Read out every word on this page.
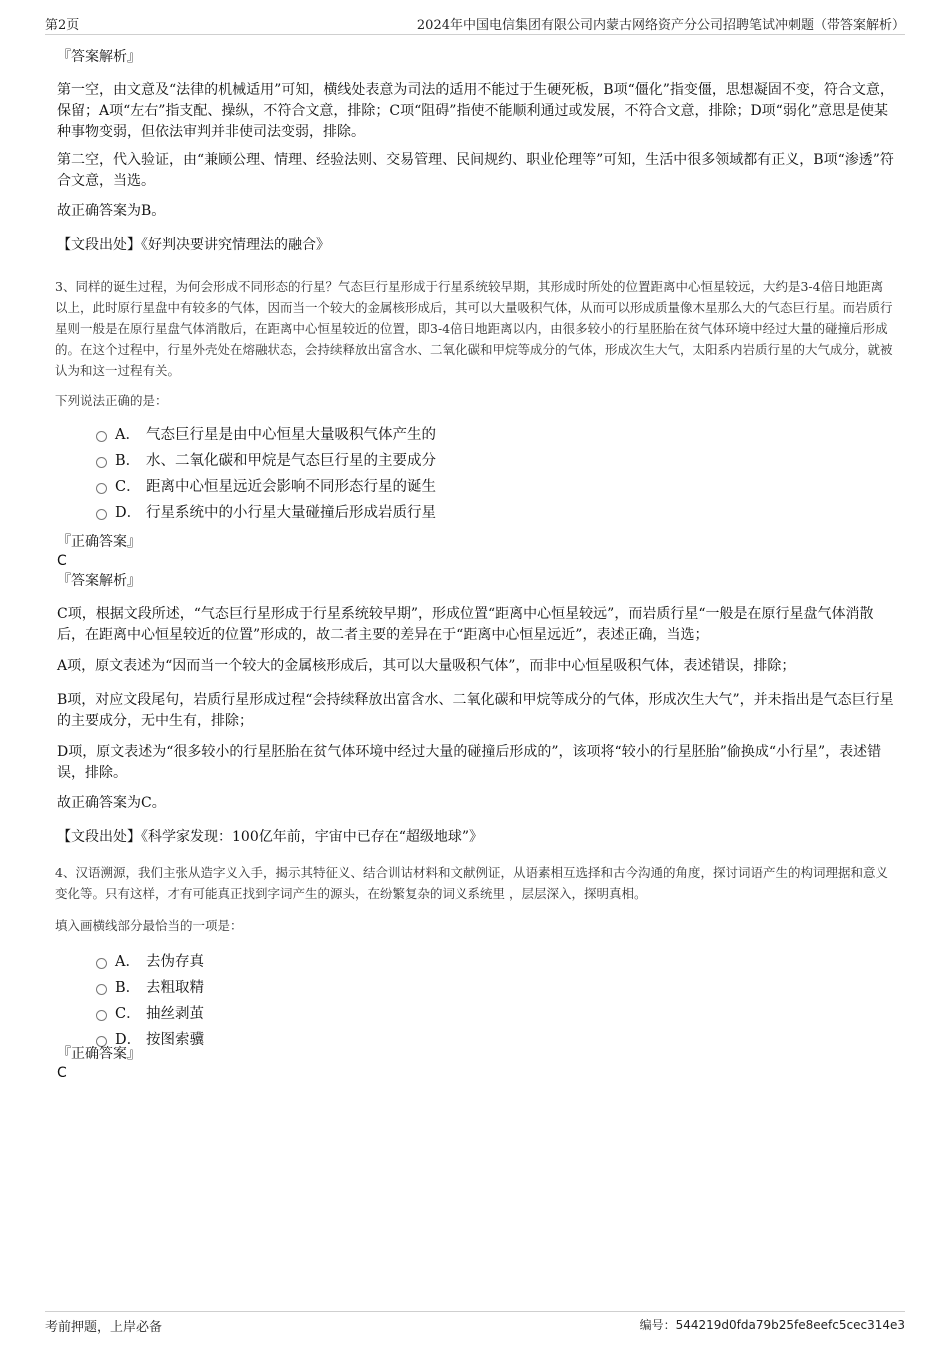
第2页	2024年中国电信集团有限公司内蒙古网络资产分公司招聘笔试冲刺题（带答案解析）
『答案解析』
第一空，由文意及“法律的机械适用”可知，横线处表意为司法的适用不能过于生硬死板，B项“僵化”指变僵，思想凝固不变，符合文意，保留；A项“左右”指支配、操纵，不符合文意，排除；C项“阻碍”指使不能顺利通过或发展，不符合文意，排除；D项“弱化”意思是使某种事物变弱，但依法审判并非使司法变弱，排除。
第二空，代入验证，由“兼顾公理、情理、经验法则、交易管理、民间规约、职业伦理等”可知，生活中很多领域都有正义，B项“渗透”符合文意，当选。
故正确答案为B。
【文段出处】《好判决要讲究情理法的融合》
3、同样的诞生过程，为何会形成不同形态的行星？气态巨行星形成于行星系统较早期，其形成时所处的位置距离中心恒星较远，大约是3-4倍日地距离以上，此时原行星盘中有较多的气体，因而当一个较大的金属核形成后，其可以大量吸积气体，从而可以形成质量像木星那么大的气态巨行星。而岩质行星则一般是在原行星盘气体消散后，在距离中心恒星较近的位置，即3-4倍日地距离以内，由很多较小的行星胚胎在贫气体环境中经过大量的碰撞后形成的。在这个过程中，行星外壳处在熔融状态，会持续释放出富含水、二氧化碳和甲烷等成分的气体，形成次生大气，太阳系内岩质行星的大气成分，就被认为和这一过程有关。
下列说法正确的是：
A． 气态巨行星是由中心恒星大量吸积气体产生的
B． 水、二氧化碳和甲烷是气态巨行星的主要成分
C． 距离中心恒星远近会影响不同形态行星的诞生
D． 行星系统中的小行星大量碰撞后形成岩质行星
『正确答案』
C
『答案解析』
C项，根据文段所述，“气态巨行星形成于行星系统较早期”，形成位置“距离中心恒星较远”，而岩质行星“一般是在原行星盘气体消散后，在距离中心恒星较近的位置”形成的，故二者主要的差异在于“距离中心恒星远近”，表述正确，当选；
A项，原文表述为“因而当一个较大的金属核形成后，其可以大量吸积气体”，而非中心恒星吸积气体，表述错误，排除；
B项，对应文段尾句，岩质行星形成过程“会持续释放出富含水、二氧化碳和甲烷等成分的气体，形成次生大气”，并未指出是气态巨行星的主要成分，无中生有，排除；
D项，原文表述为“很多较小的行星胚胎在贫气体环境中经过大量的碰撞后形成的”，该项将“较小的行星胚胎”偷换成“小行星”，表述错误，排除。
故正确答案为C。
【文段出处】《科学家发现：100亿年前，宇宙中已存在“超级地球”》
4、汉语溯源，我们主张从造字义入手，揭示其特征义、结合训诂材料和文献例证，从语素相互选择和古今沟通的角度，探讨词语产生的构词理据和意义变化等。只有这样，才有可能真正找到字词产生的源头，在纷繁复杂的词义系统里 ，层层深入，探明真相。
填入画横线部分最恰当的一项是：
A． 去伪存真
B． 去粗取精
C． 抽丝剥茧
D． 按图索骥
『正确答案』
C
考前押题，上岸必备	编号：544219d0fda79b25fe8eefc5cec314e3
